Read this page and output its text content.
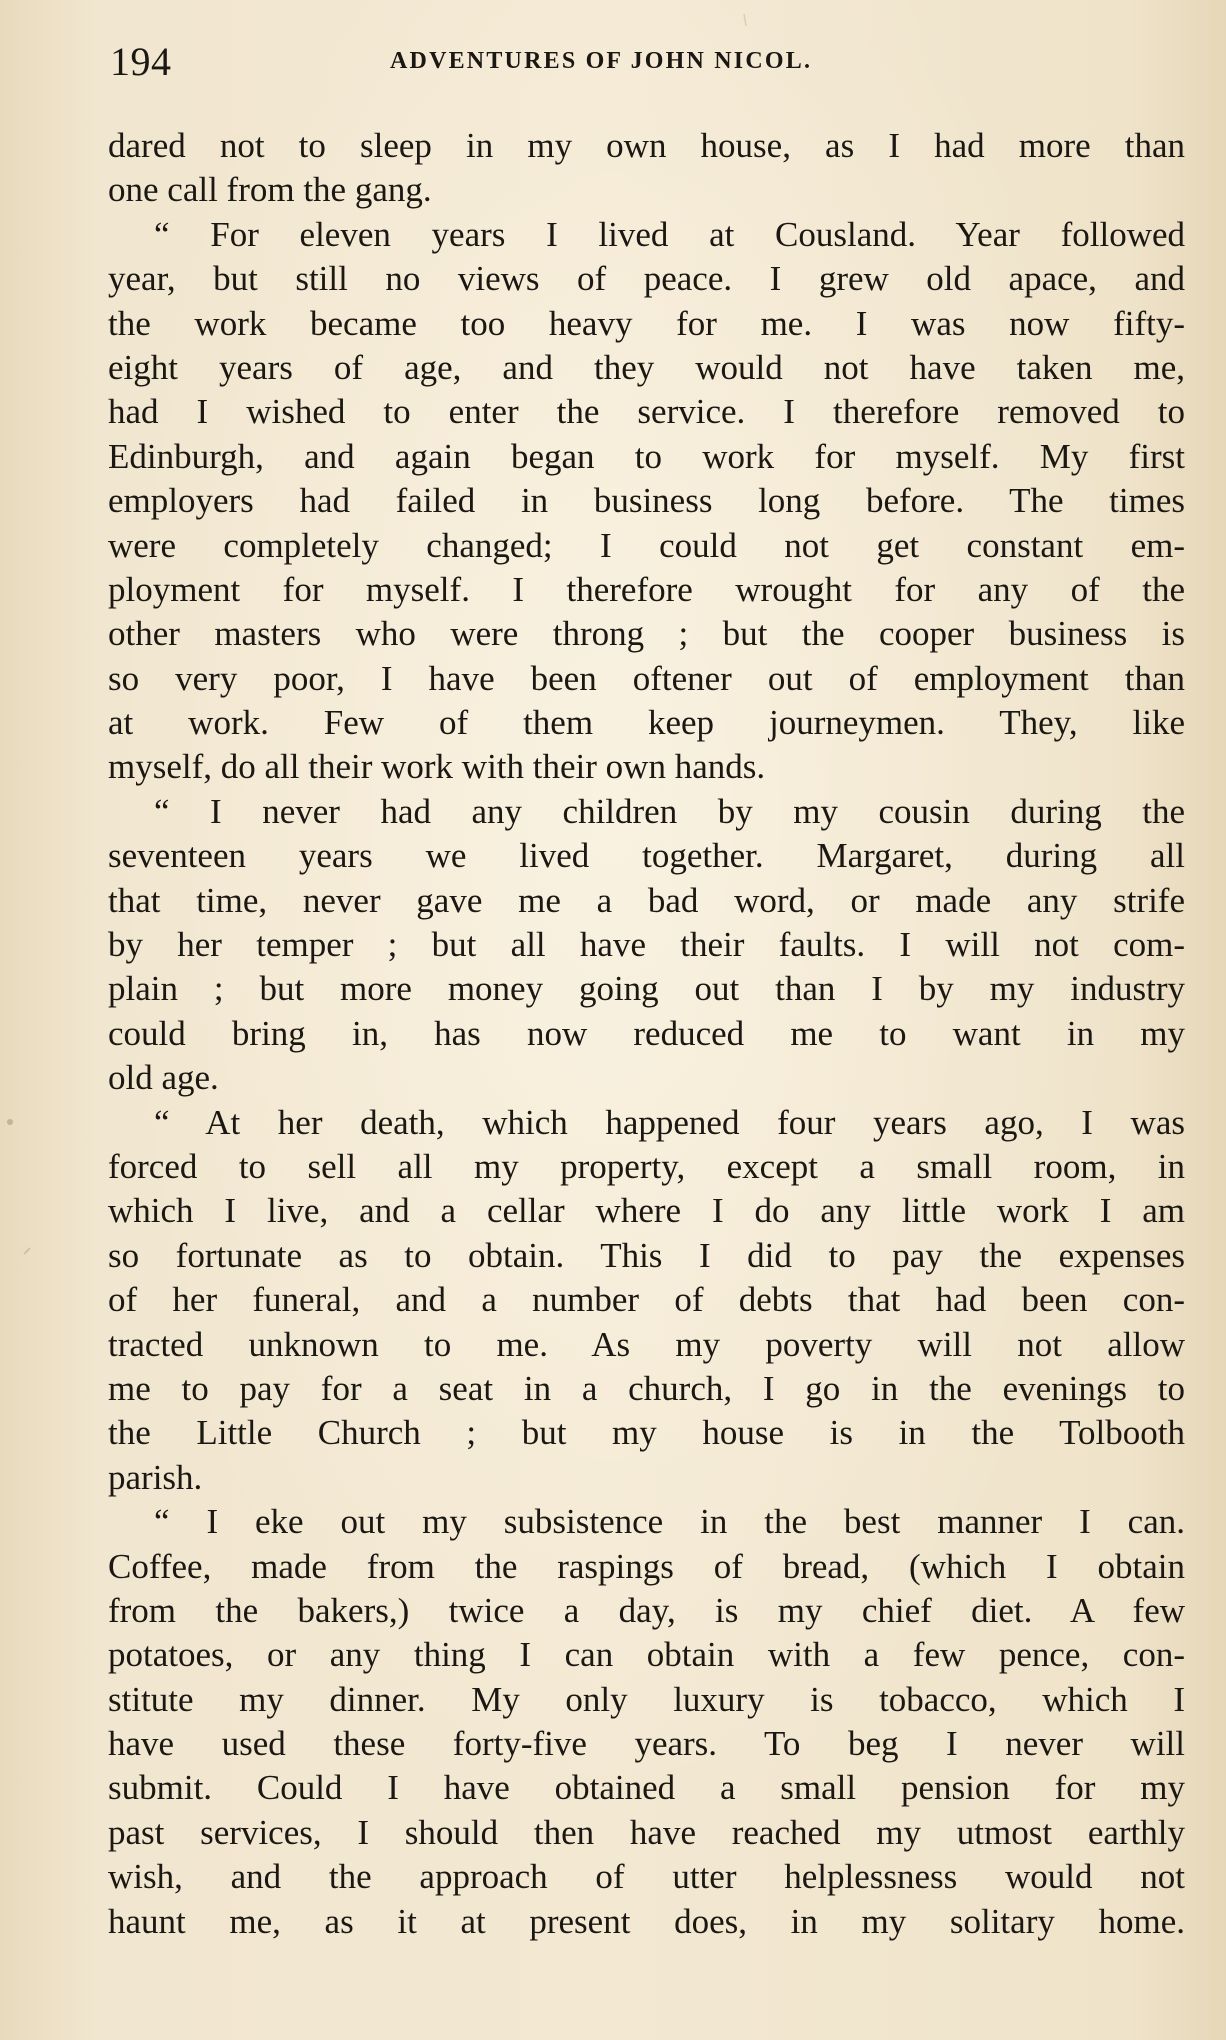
194	ADVENTURES OF JOHN NICOL.
dared not to sleep in my own house, as I had more than
one call from the gang.
“ For eleven years I lived at Cousland. Year followed
year, but still no views of peace. I grew old apace, and
the work became too heavy for me. I was now fifty-
eight years of age, and they would not have taken me,
had I wished to enter the service. I therefore removed to
Edinburgh, and again began to work for myself. My first
employers had failed in business long before. The times
were completely changed; I could not get constant em-
ployment for myself. I therefore wrought for any of the
other masters who were throng ; but the cooper business is
so very poor, I have been oftener out of employment than
at work. Few of them keep journeymen. They, like
myself, do all their work with their own hands.
“ I never had any children by my cousin during the
seventeen years we lived together. Margaret, during all
that time, never gave me a bad word, or made any strife
by her temper ; but all have their faults. I will not com-
plain ; but more money going out than I by my industry
could bring in, has now reduced me to want in my
old age.
“ At her death, which happened four years ago, I was
forced to sell all my property, except a small room, in
which I live, and a cellar where I do any little work I am
so fortunate as to obtain. This I did to pay the expenses
of her funeral, and a number of debts that had been con-
tracted unknown to me. As my poverty will not allow
me to pay for a seat in a church, I go in the evenings to
the Little Church ; but my house is in the Tolbooth
parish.
“ I eke out my subsistence in the best manner I can.
Coffee, made from the raspings of bread, (which I obtain
from the bakers,) twice a day, is my chief diet. A few
potatoes, or any thing I can obtain with a few pence, con-
stitute my dinner. My only luxury is tobacco, which I
have used these forty-five years. To beg I never will
submit. Could I have obtained a small pension for my
past services, I should then have reached my utmost earthly
wish, and the approach of utter helplessness would not
haunt me, as it at present does, in my solitary home.
